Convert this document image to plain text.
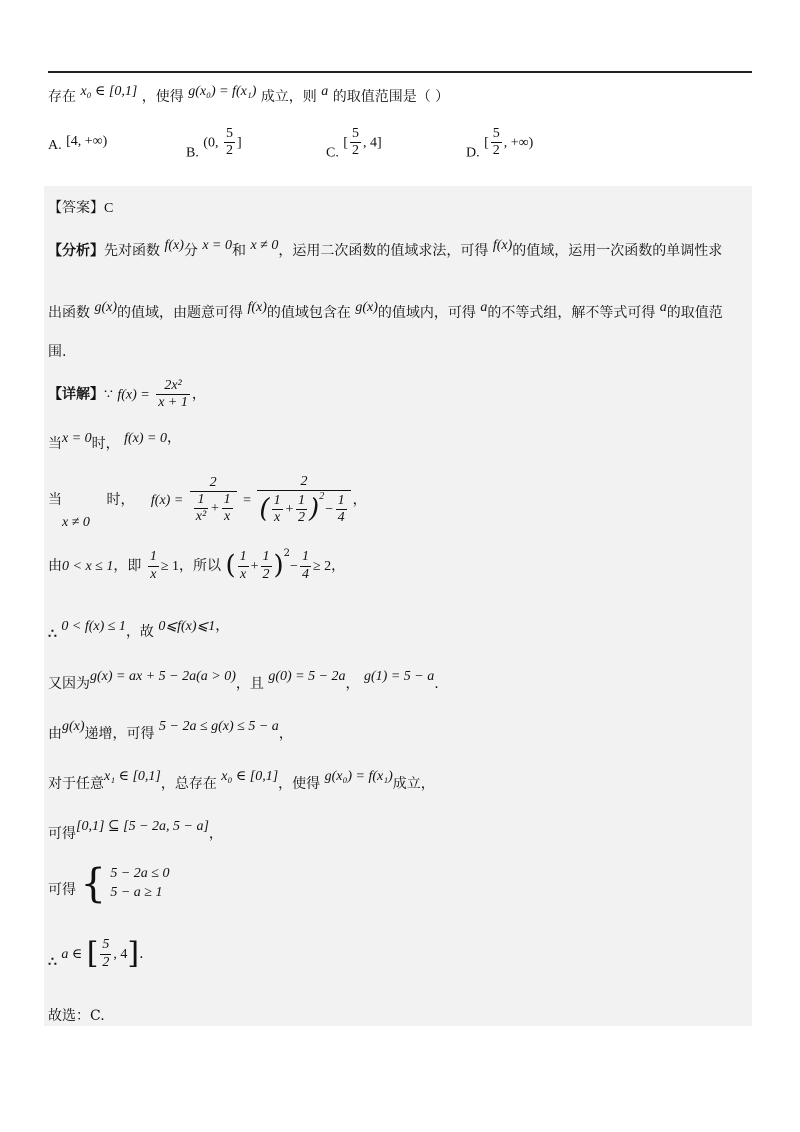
存在 x₀ ∈ [0,1] ，使得 g(x₀) = f(x₁) 成立，则 a 的取值范围是（ ）
A. [4, +∞)
B. (0, $\frac{5}{2}$ ]
C. [ $\frac{5}{2}$ , 4]
D. [ $\frac{5}{2}$ , +∞)
【答案】C
【分析】先对函数 f(x)分 x = 0和 x ≠ 0，运用二次函数的值域求法，可得 f(x)的值域，运用一次函数的单调性求
出函数 g(x)的值域，由题意可得 f(x)的值域包含在 g(x)的值域内，可得 a的不等式组，解不等式可得 a的取值范
围.
【详解】∵ $f(x) = \frac{\text{2x²}}{x + 1}$ ，
当x = 0时， f(x) = 0，
当	时，
x ≠ 0
$f(x) = \frac{2}{\frac{1}{\text{x²}} + \frac{1}{x}} = \frac{2}{( \frac{1}{x} + \frac{1}{2} )^2- \frac{1}{4}}$ ，
由0 < x ≤ 1，即 $\frac{1}{x} \ge 1$，所以 ( $\frac{1}{x} + \frac{1}{2} )^2- \frac{1}{4} \ge 2$，
∴ 0 < f(x) ≤ 1，故 0⩽f(x)⩽1，
又因为g(x) = ax + 5 − 2a(a > 0)，且 g(0) = 5 − 2a， g(1) = 5 − a.
由g(x)递增，可得 5 − 2a ≤ g(x) ≤ 5 − a，
对于任意x₁ ∈ [0,1]，总存在 x₀ ∈ [0,1]，使得 g(x₀) = f(x₁)成立，
可得[0,1] ⊆ [5 − 2a, 5 − a]，
可得 { 5 − 2a ≤ 0
5 − a ≥ 1
∴ a ∈ [ $\frac{5}{2}$ , 4].
故选：C.
